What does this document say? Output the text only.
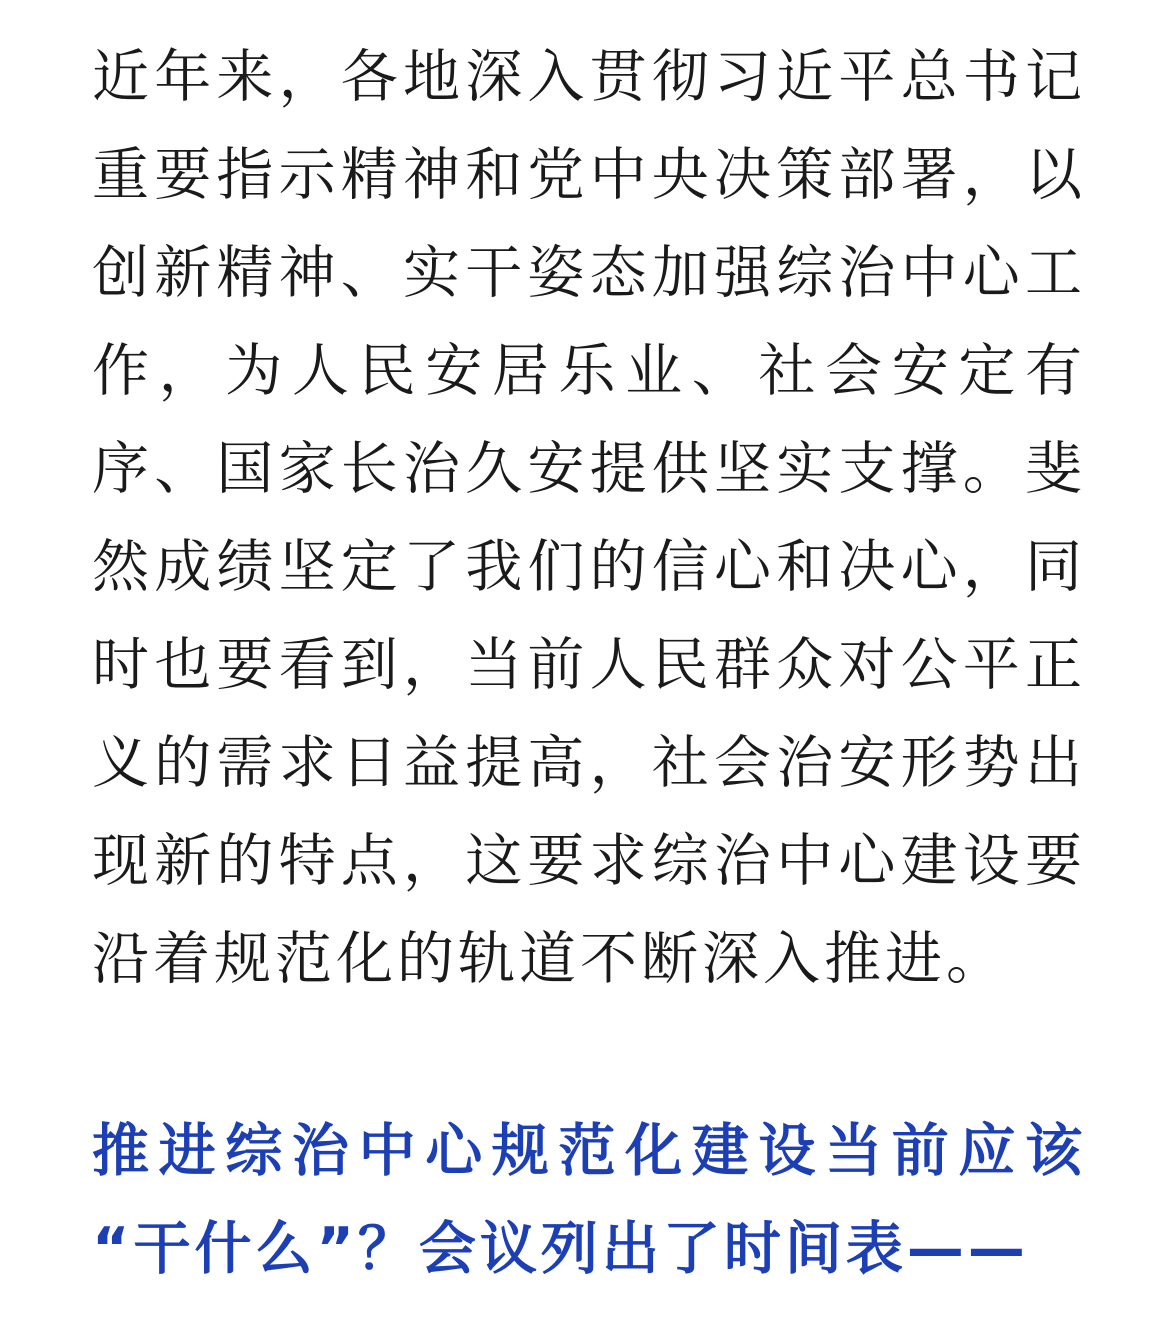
近年来，各地深入贯彻习近平总书记
重要指示精神和党中央决策部署，以
创新精神、实干姿态加强综治中心工
作，为人民安居乐业、社会安定有
序、国家长治久安提供坚实支撑。斐
然成绩坚定了我们的信心和决心，同
时也要看到，当前人民群众对公平正
义的需求日益提高，社会治安形势出
现新的特点，这要求综治中心建设要
沿着规范化的轨道不断深入推进。
推进综治中心规范化建设当前应该
“干什么”？会议列出了时间表——
